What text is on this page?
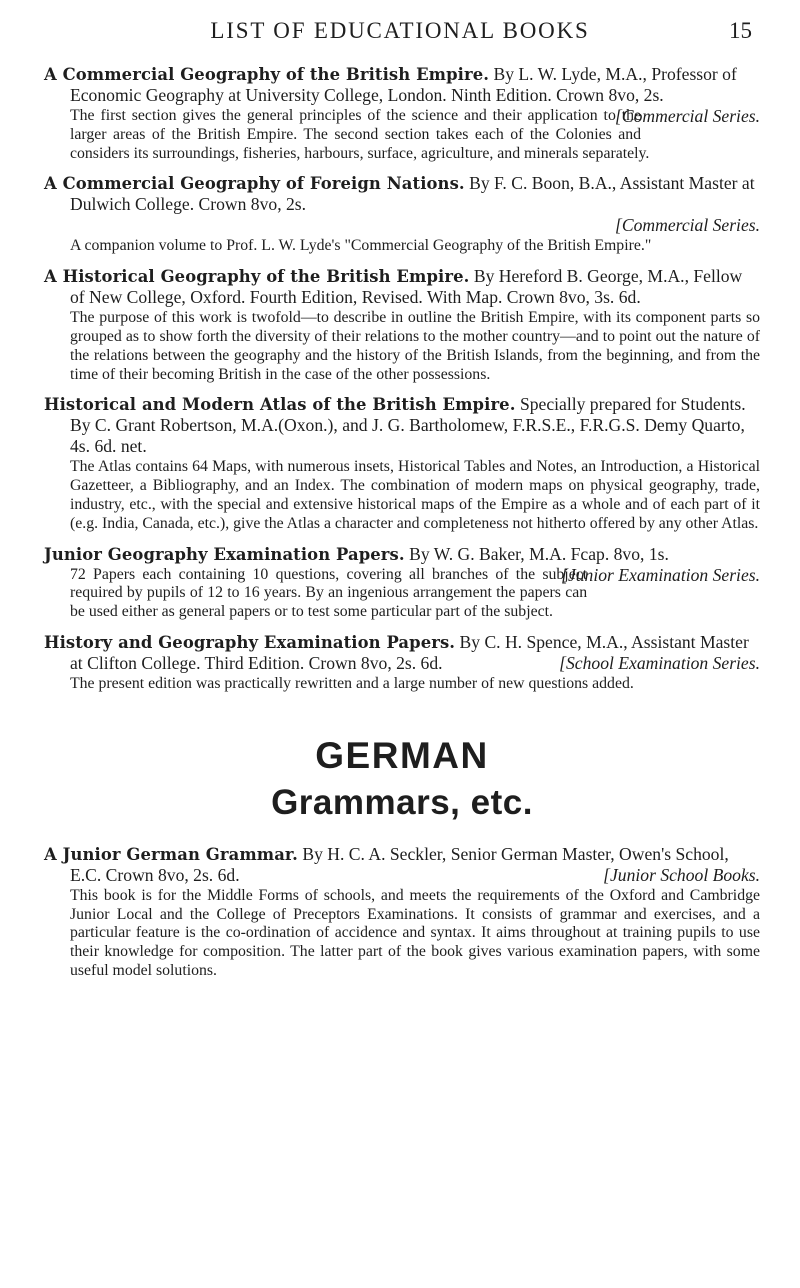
LIST OF EDUCATIONAL BOOKS	15

A Commercial Geography of the British Empire. By L. W. Lyde, M.A., Professor of Economic Geography at University College, London. Ninth Edition. Crown 8vo, 2s.
[Commercial Series.

The first section gives the general principles of the science and their application to the larger areas of the British Empire. The second section takes each of the Colonies and considers its surroundings, fisheries, harbours, surface, agriculture, and minerals separately.

A Commercial Geography of Foreign Nations. By F. C. Boon, B.A., Assistant Master at Dulwich College. Crown 8vo, 2s.
[Commercial Series.

A companion volume to Prof. L. W. Lyde's "Commercial Geography of the British Empire."

A Historical Geography of the British Empire. By Hereford B. George, M.A., Fellow of New College, Oxford. Fourth Edition, Revised. With Map. Crown 8vo, 3s. 6d.

The purpose of this work is twofold—to describe in outline the British Empire, with its component parts so grouped as to show forth the diversity of their relations to the mother country—and to point out the nature of the relations between the geography and the history of the British Islands, from the beginning, and from the time of their becoming British in the case of the other possessions.

Historical and Modern Atlas of the British Empire. Specially prepared for Students. By C. Grant Robertson, M.A.(Oxon.), and J. G. Bartholomew, F.R.S.E., F.R.G.S. Demy Quarto, 4s. 6d. net.

The Atlas contains 64 Maps, with numerous insets, Historical Tables and Notes, an Introduction, a Historical Gazetteer, a Bibliography, and an Index. The combination of modern maps on physical geography, trade, industry, etc., with the special and extensive historical maps of the Empire as a whole and of each part of it (e.g. India, Canada, etc.), give the Atlas a character and completeness not hitherto offered by any other Atlas.

Junior Geography Examination Papers. By W. G. Baker, M.A. Fcap. 8vo, 1s.
[Junior Examination Series.

72 Papers each containing 10 questions, covering all branches of the subject required by pupils of 12 to 16 years. By an ingenious arrangement the papers can be used either as general papers or to test some particular part of the subject.

History and Geography Examination Papers. By C. H. Spence, M.A., Assistant Master at Clifton College. Third Edition. Crown 8vo, 2s. 6d.	[School Examination Series.

The present edition was practically rewritten and a large number of new questions added.

GERMAN
Grammars, etc.

A Junior German Grammar. By H. C. A. Seckler, Senior German Master, Owen's School, E.C. Crown 8vo, 2s. 6d.	[Junior School Books.

This book is for the Middle Forms of schools, and meets the requirements of the Oxford and Cambridge Junior Local and the College of Preceptors Examinations. It consists of grammar and exercises, and a particular feature is the co-ordination of accidence and syntax. It aims throughout at training pupils to use their knowledge for composition. The latter part of the book gives various examination papers, with some useful model solutions.
